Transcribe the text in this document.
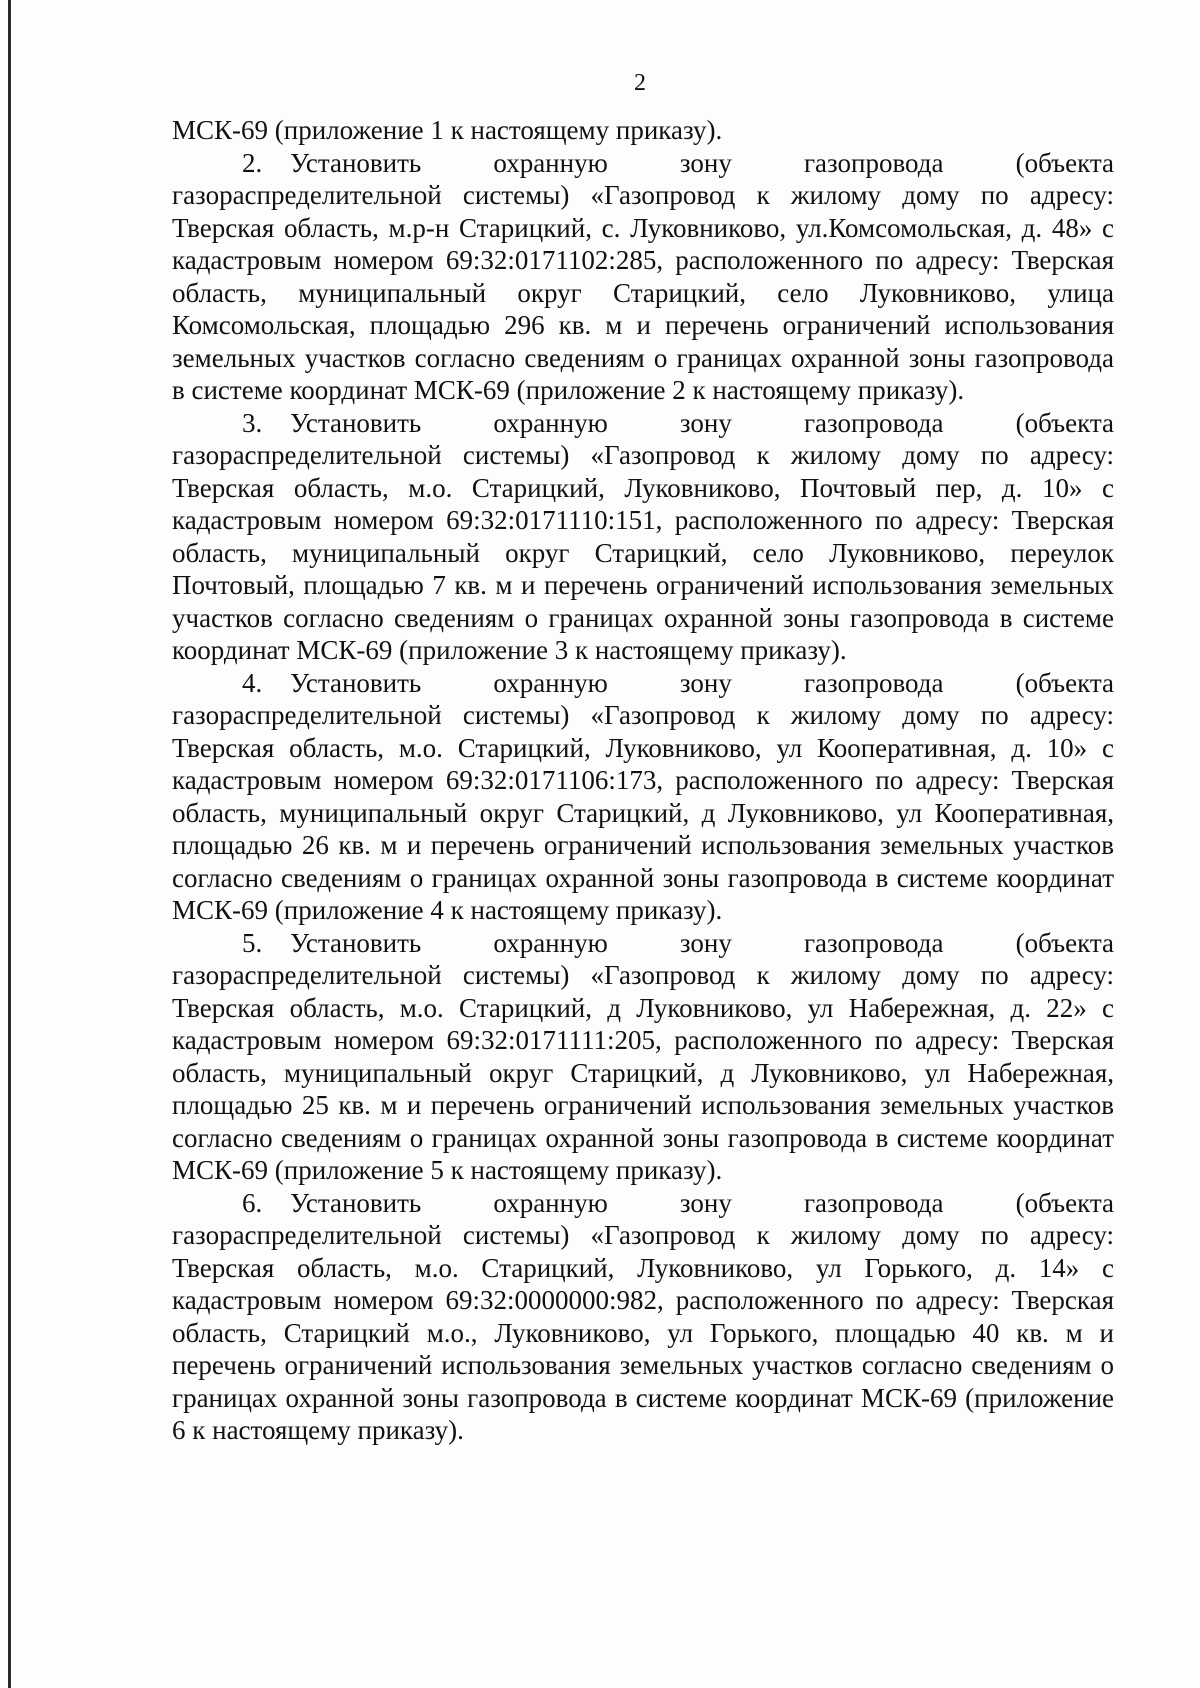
2

МСК-69 (приложение 1 к настоящему приказу).

2. Установить охранную зону газопровода (объекта газораспределительной системы) «Газопровод к жилому дому по адресу: Тверская область, м.р-н Старицкий, с. Луковниково, ул.Комсомольская, д. 48» с кадастровым номером 69:32:0171102:285, расположенного по адресу: Тверская область, муниципальный округ Старицкий, село Луковниково, улица Комсомольская, площадью 296 кв. м и перечень ограничений использования земельных участков согласно сведениям о границах охранной зоны газопровода в системе координат МСК-69 (приложение 2 к настоящему приказу).

3. Установить охранную зону газопровода (объекта газораспределительной системы) «Газопровод к жилому дому по адресу: Тверская область, м.о. Старицкий, Луковниково, Почтовый пер, д. 10» с кадастровым номером 69:32:0171110:151, расположенного по адресу: Тверская область, муниципальный округ Старицкий, село Луковниково, переулок Почтовый, площадью 7 кв. м и перечень ограничений использования земельных участков согласно сведениям о границах охранной зоны газопровода в системе координат МСК-69 (приложение 3 к настоящему приказу).

4. Установить охранную зону газопровода (объекта газораспределительной системы) «Газопровод к жилому дому по адресу: Тверская область, м.о. Старицкий, Луковниково, ул Кооперативная, д. 10» с кадастровым номером 69:32:0171106:173, расположенного по адресу: Тверская область, муниципальный округ Старицкий, д Луковниково, ул Кооперативная, площадью 26 кв. м и перечень ограничений использования земельных участков согласно сведениям о границах охранной зоны газопровода в системе координат МСК-69 (приложение 4 к настоящему приказу).

5. Установить охранную зону газопровода (объекта газораспределительной системы) «Газопровод к жилому дому по адресу: Тверская область, м.о. Старицкий, д Луковниково, ул Набережная, д. 22» с кадастровым номером 69:32:0171111:205, расположенного по адресу: Тверская область, муниципальный округ Старицкий, д Луковниково, ул Набережная, площадью 25 кв. м и перечень ограничений использования земельных участков согласно сведениям о границах охранной зоны газопровода в системе координат МСК-69 (приложение 5 к настоящему приказу).

6. Установить охранную зону газопровода (объекта газораспределительной системы) «Газопровод к жилому дому по адресу: Тверская область, м.о. Старицкий, Луковниково, ул Горького, д. 14» с кадастровым номером 69:32:0000000:982, расположенного по адресу: Тверская область, Старицкий м.о., Луковниково, ул Горького, площадью 40 кв. м и перечень ограничений использования земельных участков согласно сведениям о границах охранной зоны газопровода в системе координат МСК-69 (приложение 6 к настоящему приказу).
